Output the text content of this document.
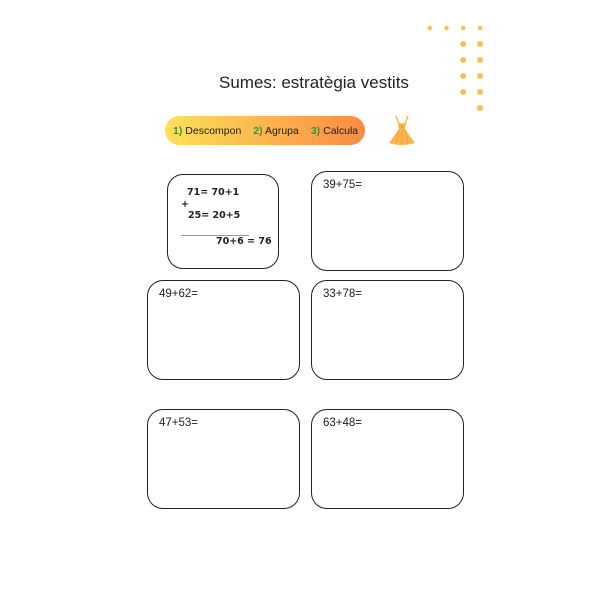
Sumes: estratègia vestits
1) Descompon 2) Agrupa 3) Calcula
71= 70+1
+
25= 20+5
70+6 = 76
39+75=
49+62=	33+78=
47+53=	63+48=
